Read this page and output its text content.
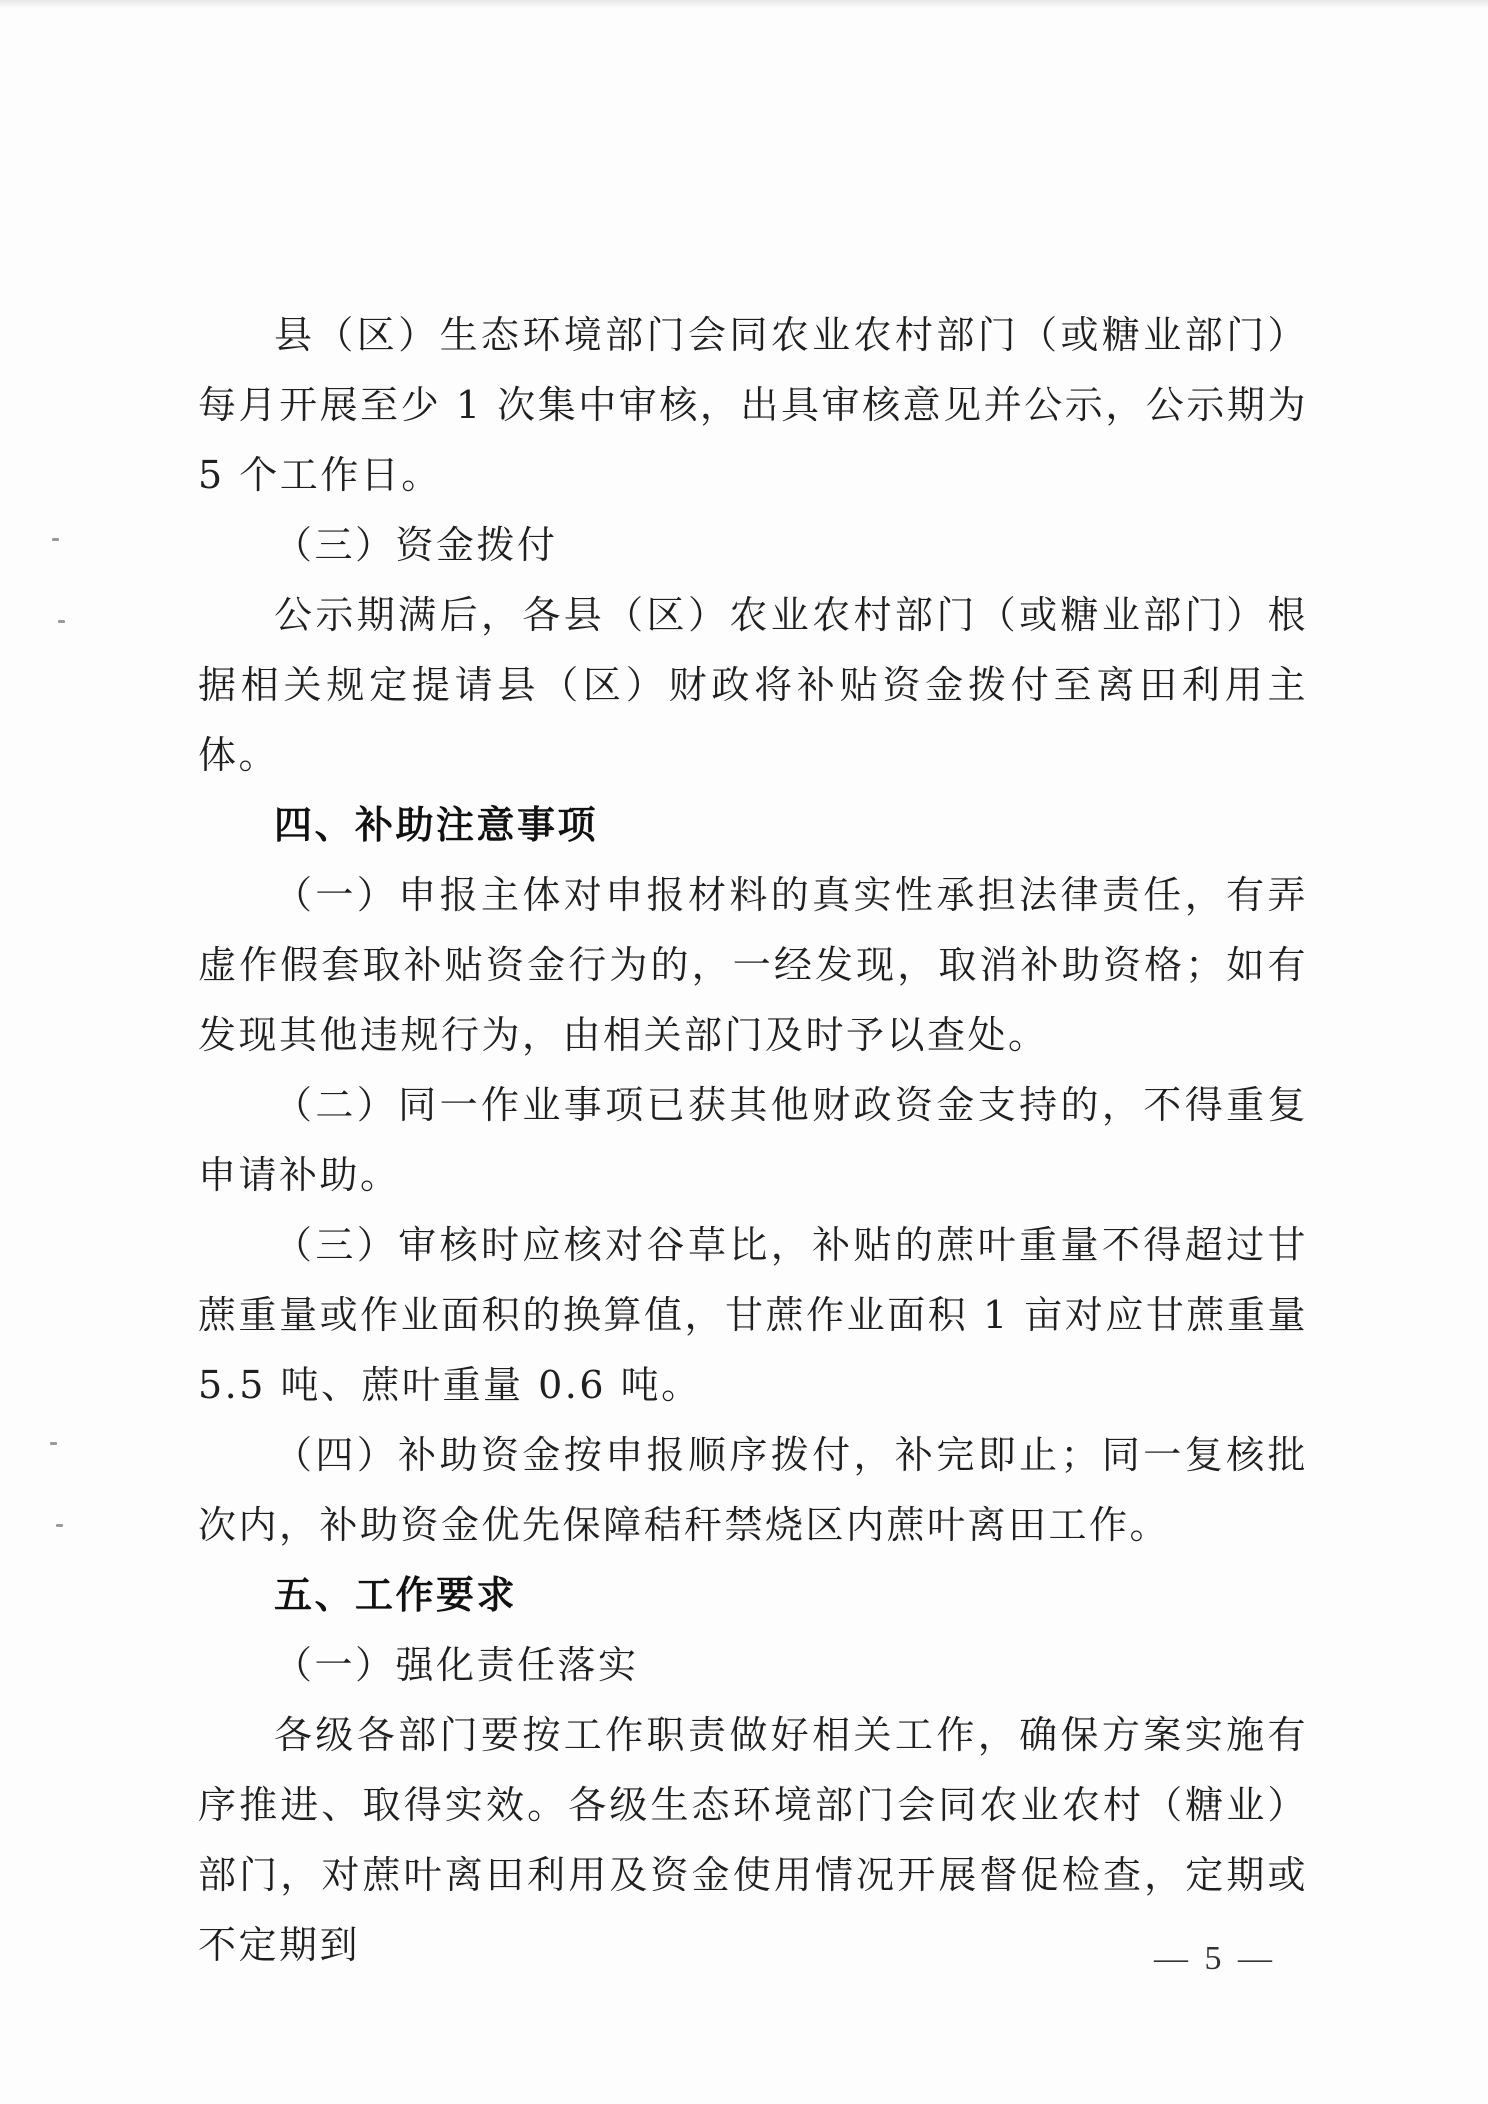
县（区）生态环境部门会同农业农村部门（或糖业部门）每月开展至少 1 次集中审核，出具审核意见并公示，公示期为 5 个工作日。

（三）资金拨付

公示期满后，各县（区）农业农村部门（或糖业部门）根据相关规定提请县（区）财政将补贴资金拨付至离田利用主体。

四、补助注意事项

（一）申报主体对申报材料的真实性承担法律责任，有弄虚作假套取补贴资金行为的，一经发现，取消补助资格；如有发现其他违规行为，由相关部门及时予以查处。

（二）同一作业事项已获其他财政资金支持的，不得重复申请补助。

（三）审核时应核对谷草比，补贴的蔗叶重量不得超过甘蔗重量或作业面积的换算值，甘蔗作业面积 1 亩对应甘蔗重量 5.5 吨、蔗叶重量 0.6 吨。

（四）补助资金按申报顺序拨付，补完即止；同一复核批次内，补助资金优先保障秸秆禁烧区内蔗叶离田工作。

五、工作要求

（一）强化责任落实

各级各部门要按工作职责做好相关工作，确保方案实施有序推进、取得实效。各级生态环境部门会同农业农村（糖业）部门，对蔗叶离田利用及资金使用情况开展督促检查，定期或不定期到	— 5 —
